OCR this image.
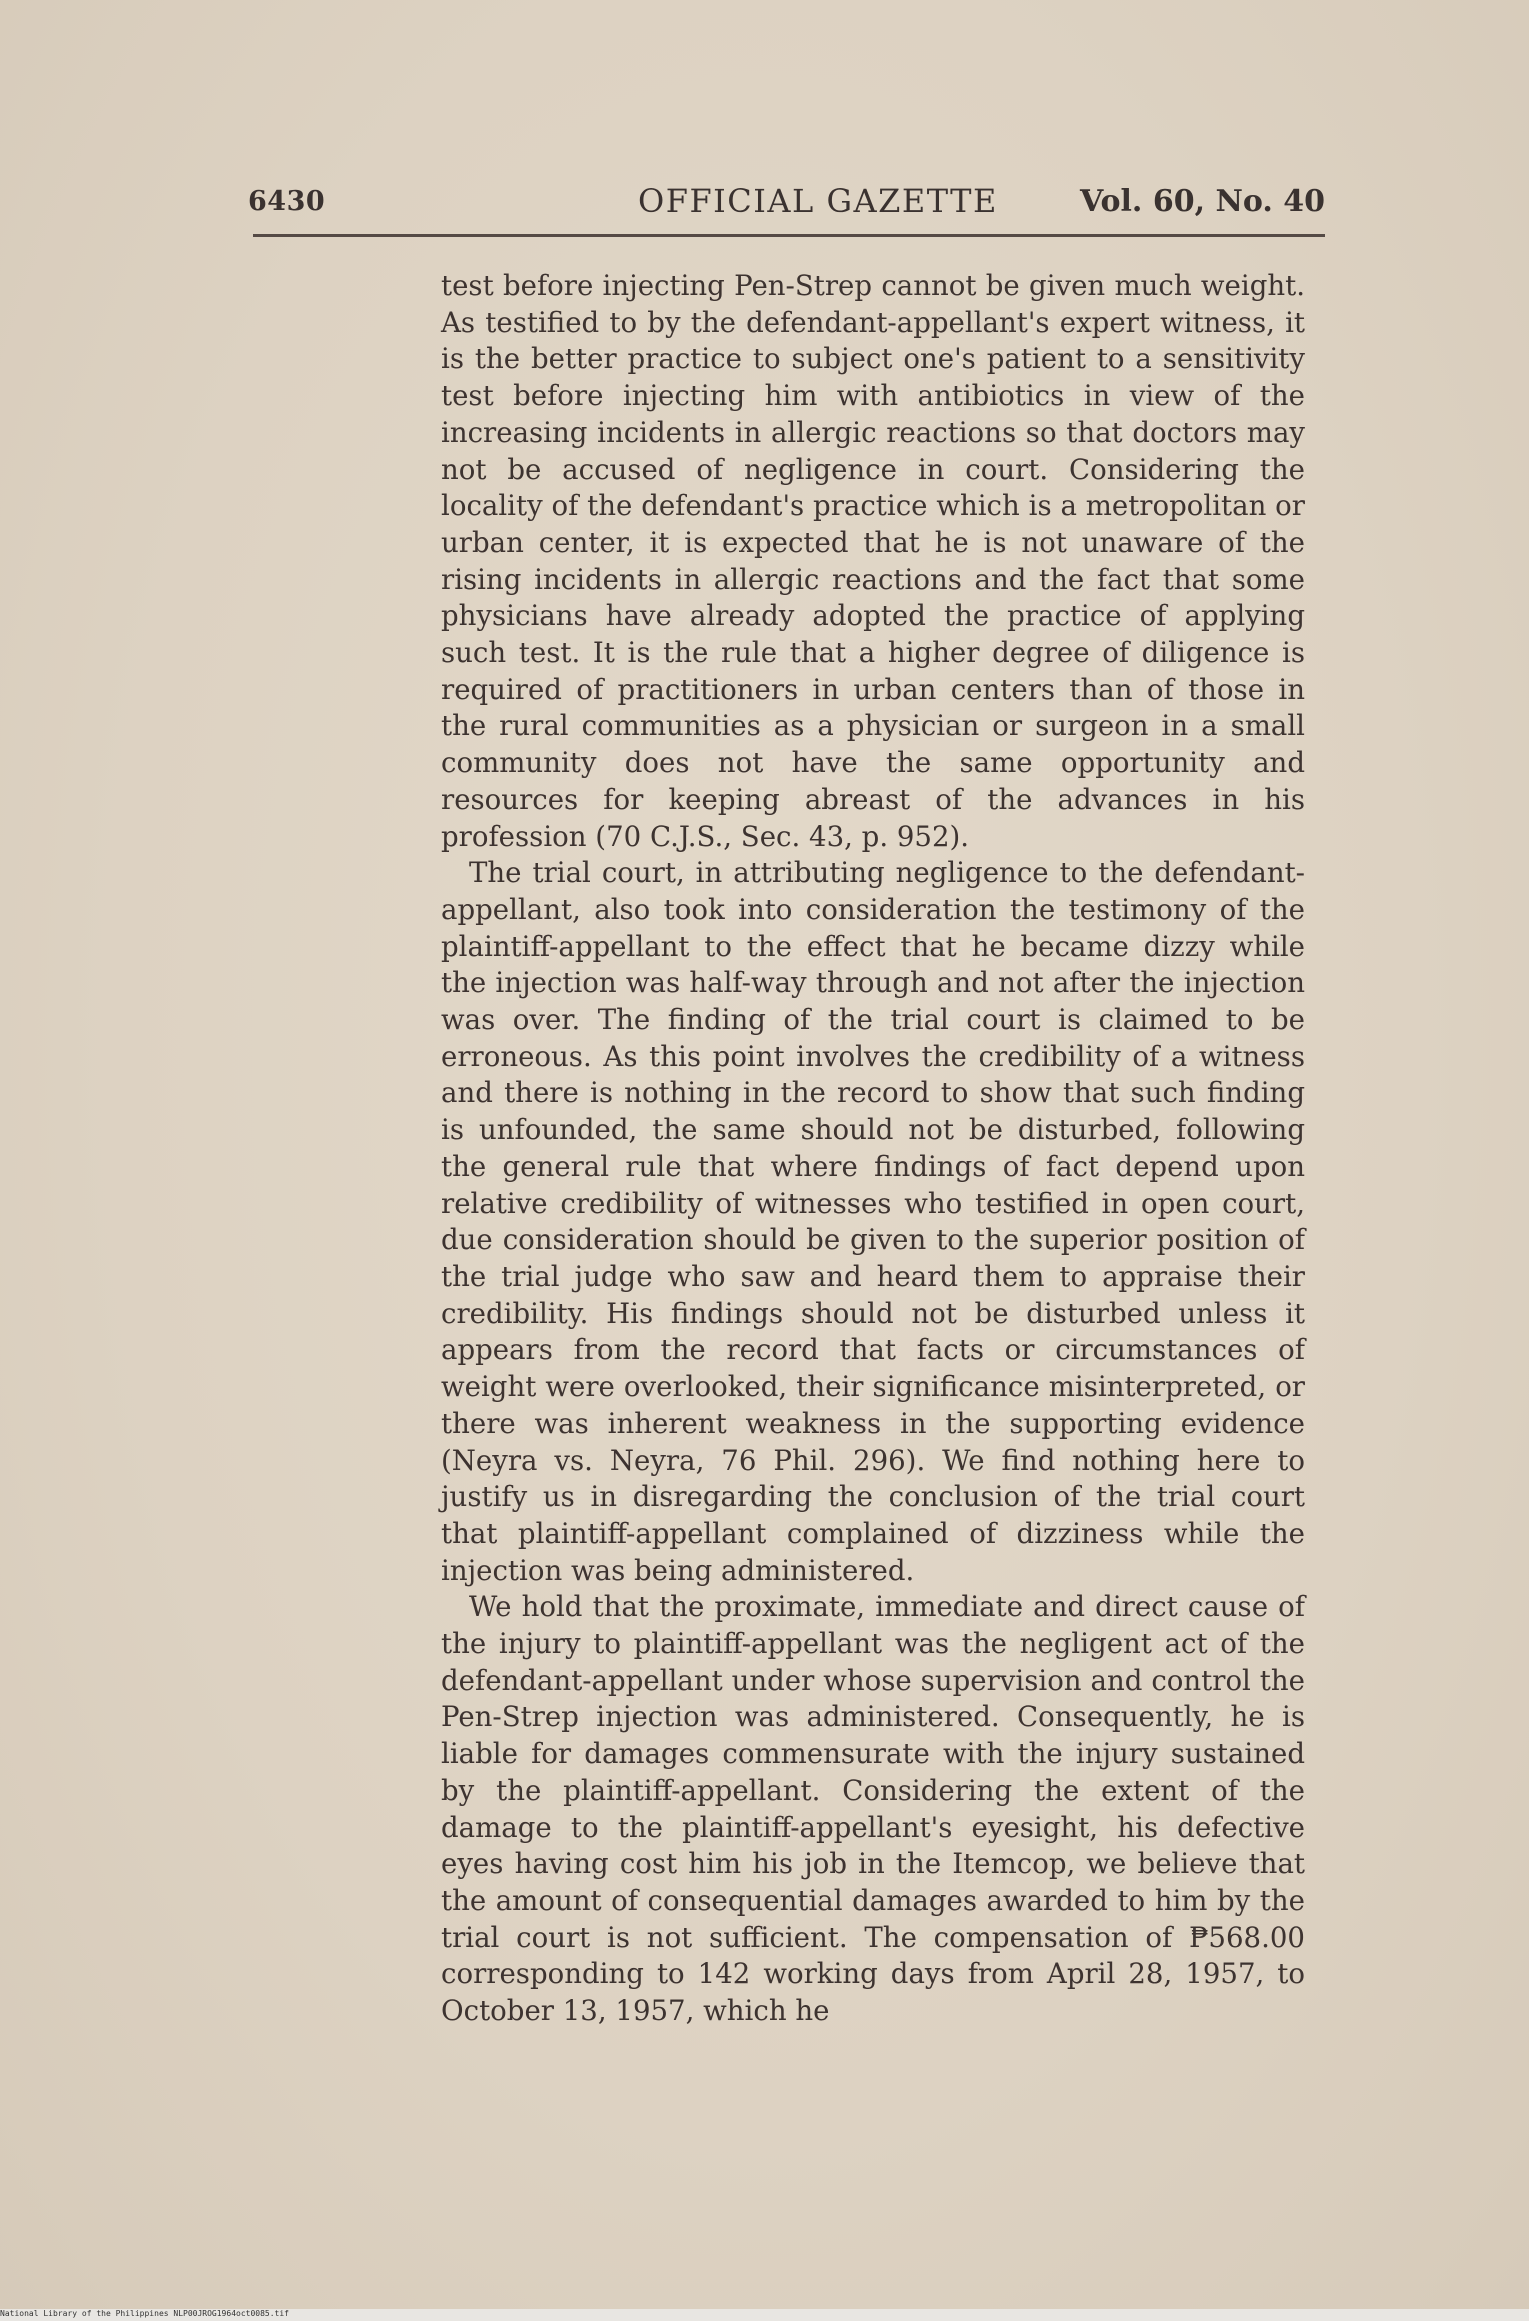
6430	OFFICIAL GAZETTE	Vol. 60, No. 40

test before injecting Pen-Strep cannot be given much weight. As testified to by the defendant-appellant's expert witness, it is the better practice to subject one's patient to a sensitivity test before injecting him with antibiotics in view of the increasing incidents in allergic reactions so that doctors may not be accused of negligence in court. Considering the locality of the defendant's practice which is a metropolitan or urban center, it is expected that he is not unaware of the rising incidents in allergic reactions and the fact that some physicians have already adopted the practice of applying such test. It is the rule that a higher degree of diligence is required of practitioners in urban centers than of those in the rural communities as a physician or surgeon in a small community does not have the same opportunity and resources for keeping abreast of the advances in his profession (70 C.J.S., Sec. 43, p. 952).

The trial court, in attributing negligence to the defendant-appellant, also took into consideration the testimony of the plaintiff-appellant to the effect that he became dizzy while the injection was half-way through and not after the injection was over. The finding of the trial court is claimed to be erroneous. As this point involves the credibility of a witness and there is nothing in the record to show that such finding is unfounded, the same should not be disturbed, following the general rule that where findings of fact depend upon relative credibility of witnesses who testified in open court, due consideration should be given to the superior position of the trial judge who saw and heard them to appraise their credibility. His findings should not be disturbed unless it appears from the record that facts or circumstances of weight were overlooked, their significance misinterpreted, or there was inherent weakness in the supporting evidence (Neyra vs. Neyra, 76 Phil. 296). We find nothing here to justify us in disregarding the conclusion of the trial court that plaintiff-appellant complained of dizziness while the injection was being administered.

We hold that the proximate, immediate and direct cause of the injury to plaintiff-appellant was the negligent act of the defendant-appellant under whose supervision and control the Pen-Strep injection was administered. Consequently, he is liable for damages commensurate with the injury sustained by the plaintiff-appellant. Considering the extent of the damage to the plaintiff-appellant's eyesight, his defective eyes having cost him his job in the Itemcop, we believe that the amount of consequential damages awarded to him by the trial court is not sufficient. The compensation of ₱568.00 corresponding to 142 working days from April 28, 1957, to October 13, 1957, which he

National Library of the Philippines NLP00JROG1964oct0085.tif
